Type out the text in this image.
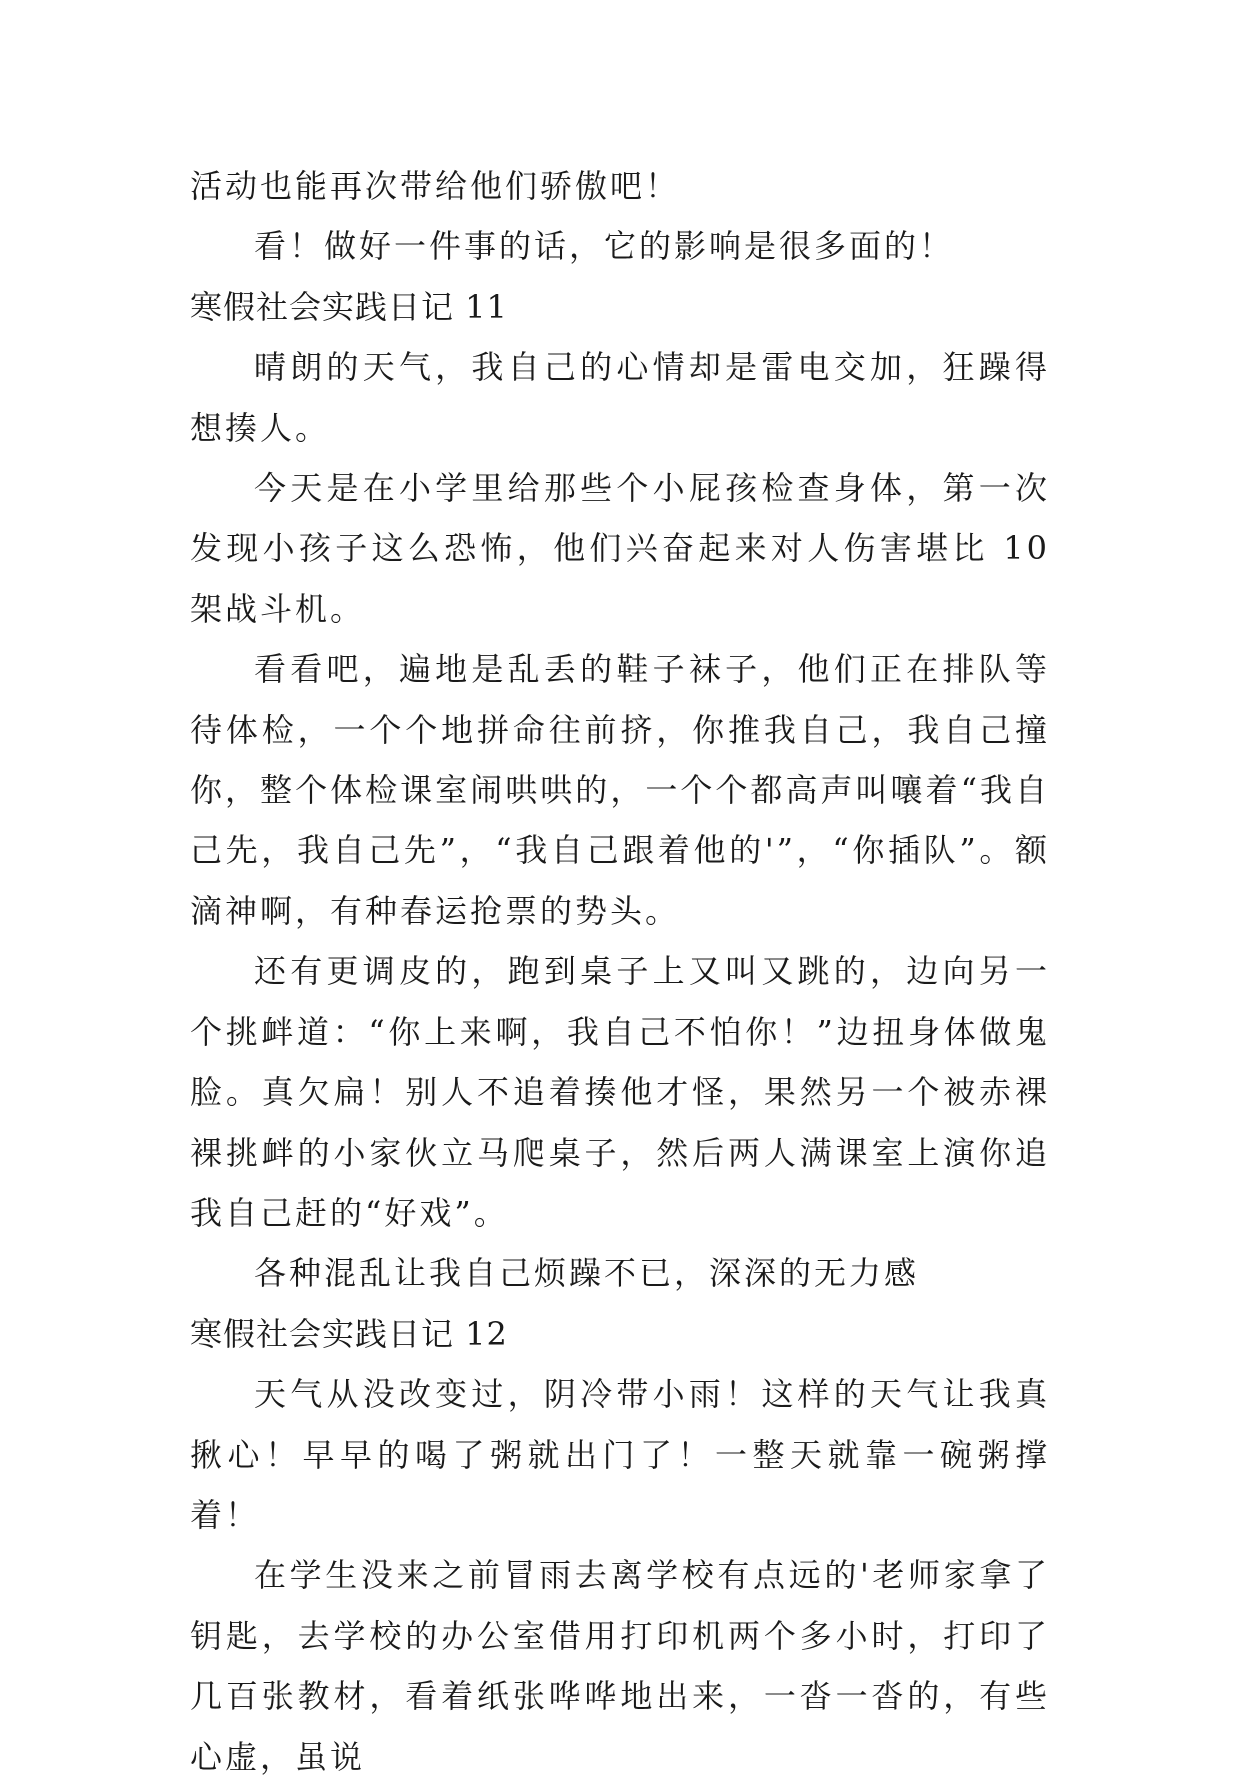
活动也能再次带给他们骄傲吧！

看！做好一件事的话，它的影响是很多面的！

寒假社会实践日记 11

晴朗的天气，我自己的心情却是雷电交加，狂躁得想揍人。

今天是在小学里给那些个小屁孩检查身体，第一次发现小孩子这么恐怖，他们兴奋起来对人伤害堪比 10 架战斗机。

看看吧，遍地是乱丢的鞋子袜子，他们正在排队等待体检，一个个地拼命往前挤，你推我自己，我自己撞你，整个体检课室闹哄哄的，一个个都高声叫嚷着“我自己先，我自己先”，“我自己跟着他的'”，“你插队”。额滴神啊，有种春运抢票的势头。

还有更调皮的，跑到桌子上又叫又跳的，边向另一个挑衅道：“你上来啊，我自己不怕你！”边扭身体做鬼脸。真欠扁！别人不追着揍他才怪，果然另一个被赤裸裸挑衅的小家伙立马爬桌子，然后两人满课室上演你追我自己赶的“好戏”。

各种混乱让我自己烦躁不已，深深的无力感

寒假社会实践日记 12

天气从没改变过，阴冷带小雨！这样的天气让我真揪心！早早的喝了粥就出门了！一整天就靠一碗粥撑着！

在学生没来之前冒雨去离学校有点远的'老师家拿了钥匙，去学校的办公室借用打印机两个多小时，打印了几百张教材，看着纸张哗哗地出来，一沓一沓的，有些心虚，虽说
